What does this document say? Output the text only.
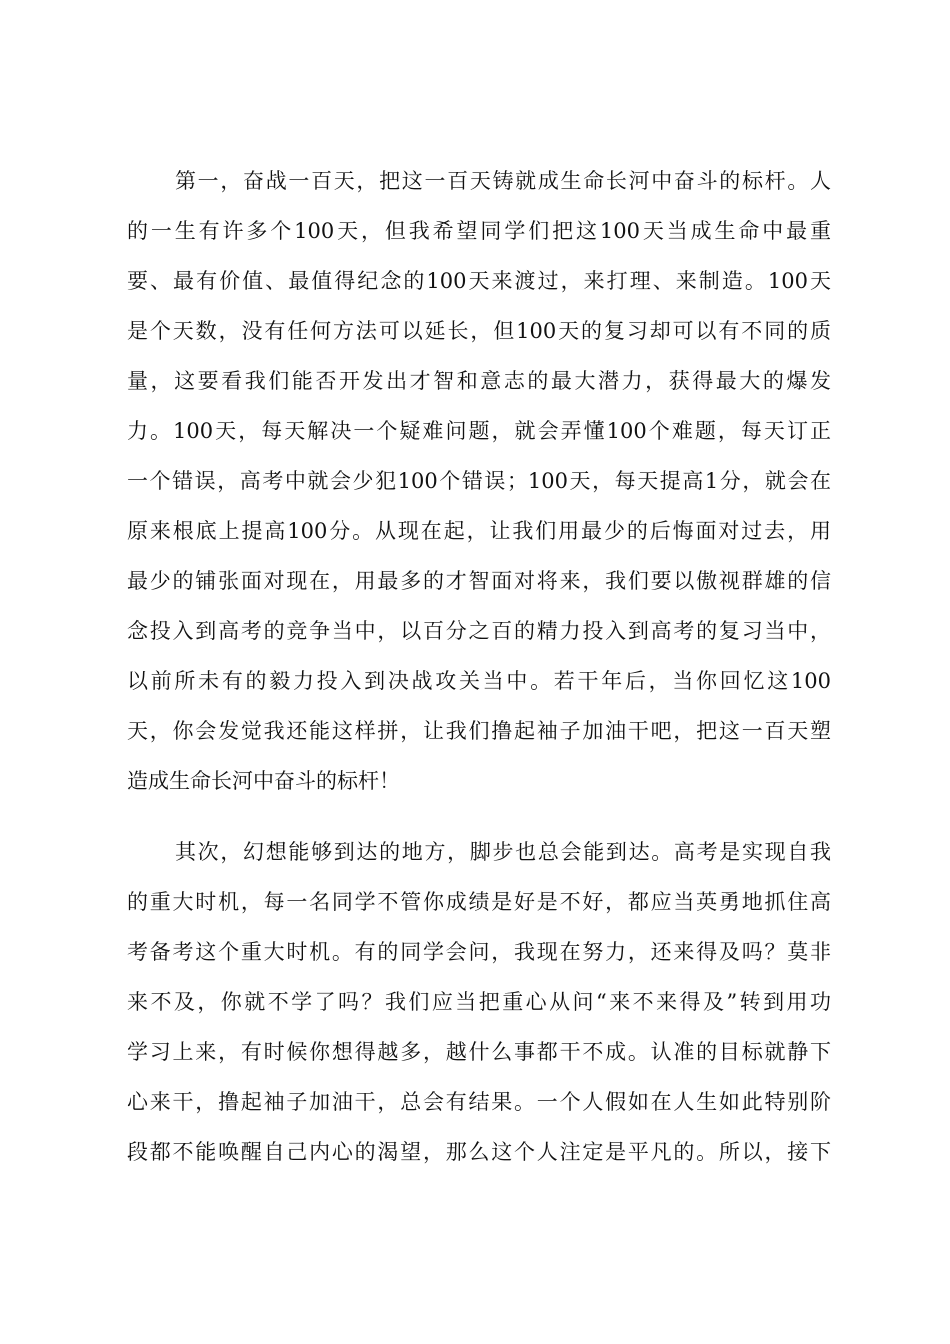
第一，奋战一百天，把这一百天铸就成生命长河中奋斗的标杆。人
的一生有许多个100天，但我希望同学们把这100天当成生命中最重
要、最有价值、最值得纪念的100天来渡过，来打理、来制造。100天
是个天数，没有任何方法可以延长，但100天的复习却可以有不同的质
量，这要看我们能否开发出才智和意志的最大潜力，获得最大的爆发
力。100天，每天解决一个疑难问题，就会弄懂100个难题，每天订正
一个错误，高考中就会少犯100个错误；100天，每天提高1分，就会在
原来根底上提高100分。从现在起，让我们用最少的后悔面对过去，用
最少的铺张面对现在，用最多的才智面对将来，我们要以傲视群雄的信
念投入到高考的竞争当中，以百分之百的精力投入到高考的复习当中，
以前所未有的毅力投入到决战攻关当中。若干年后，当你回忆这100
天，你会发觉我还能这样拼，让我们撸起袖子加油干吧，把这一百天塑
造成生命长河中奋斗的标杆！
其次，幻想能够到达的地方，脚步也总会能到达。高考是实现自我
的重大时机，每一名同学不管你成绩是好是不好，都应当英勇地抓住高
考备考这个重大时机。有的同学会问，我现在努力，还来得及吗？莫非
来不及，你就不学了吗？我们应当把重心从问“来不来得及”转到用功
学习上来，有时候你想得越多，越什么事都干不成。认准的目标就静下
心来干，撸起袖子加油干，总会有结果。一个人假如在人生如此特别阶
段都不能唤醒自己内心的渴望，那么这个人注定是平凡的。所以，接下
